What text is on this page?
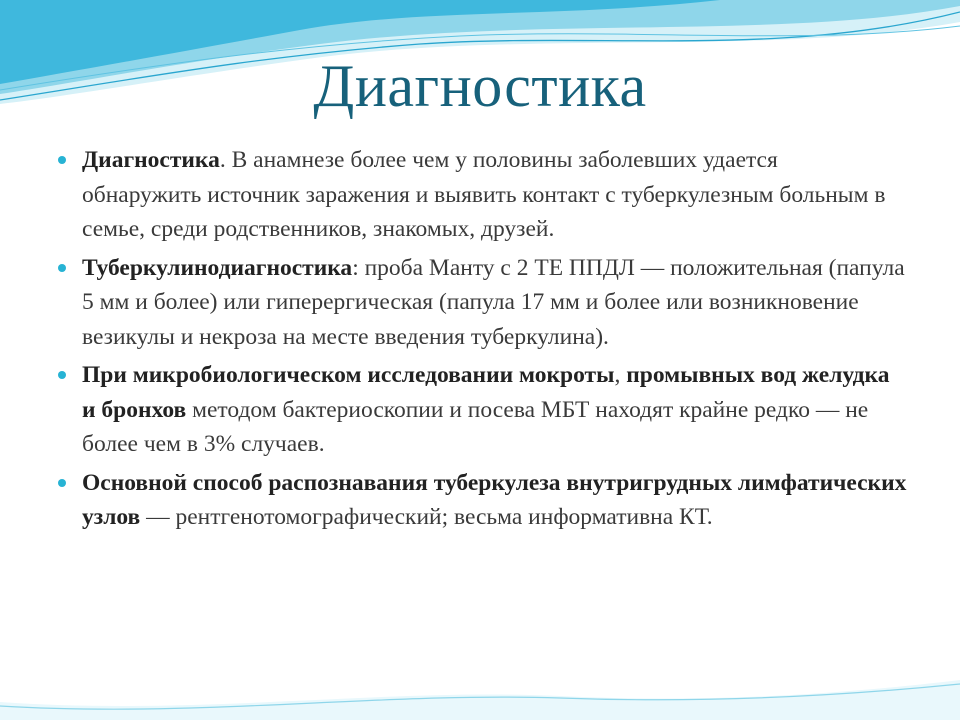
Диагностика
Диагностика. В анамнезе более чем у половины заболевших удается
обнаружить источник заражения и выявить контакт с туберкулезным больным в семье, среди родственников, знакомых, друзей.
Туберкулинодиагностика: проба Манту с 2 ТЕ ППДЛ — положительная (папула 5 мм и более) или гиперергическая (папула 17 мм и более или возникновение везикулы и некроза на месте введения туберкулина).
При микробиологическом исследовании мокроты, промывных вод желудка и бронхов методом бактериоскопии и посева МБТ находят крайне редко — не более чем в 3% случаев.
Основной способ распознавания туберкулеза внутригрудных лимфатических узлов — рентгенотомографический; весьма информативна КТ.
